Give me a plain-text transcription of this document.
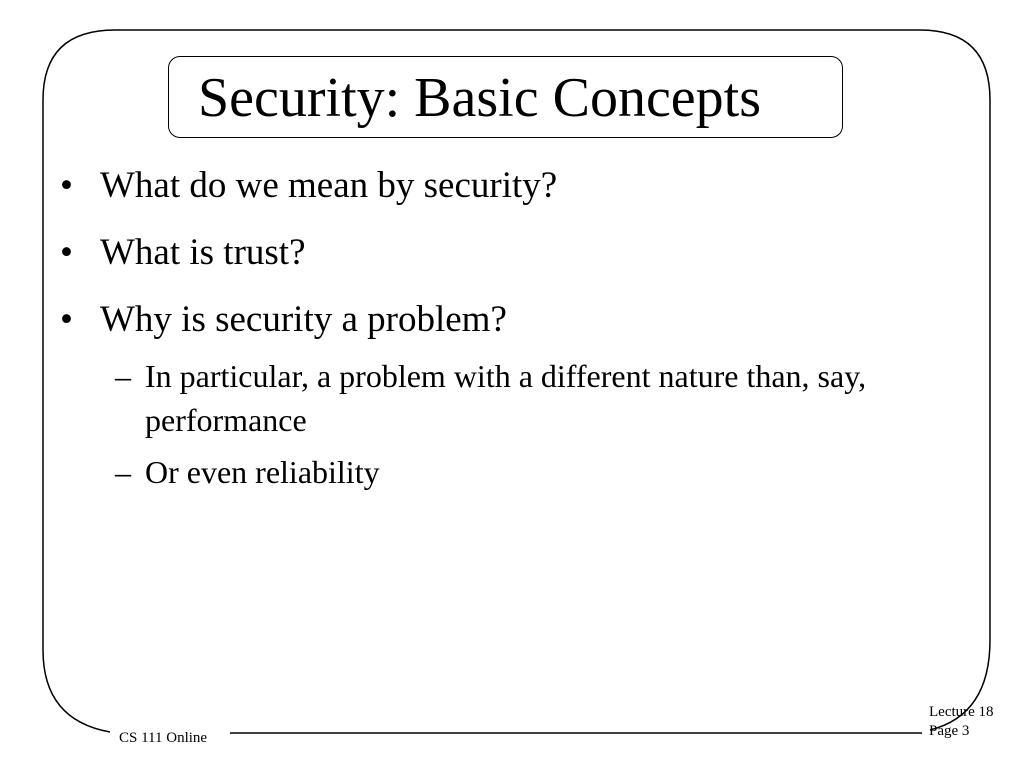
Security: Basic Concepts
• What do we mean by security?
• What is trust?
• Why is security a problem?
– In particular, a problem with a different nature than, say, performance
– Or even reliability
CS 111 Online
Lecture 18
Page 3
